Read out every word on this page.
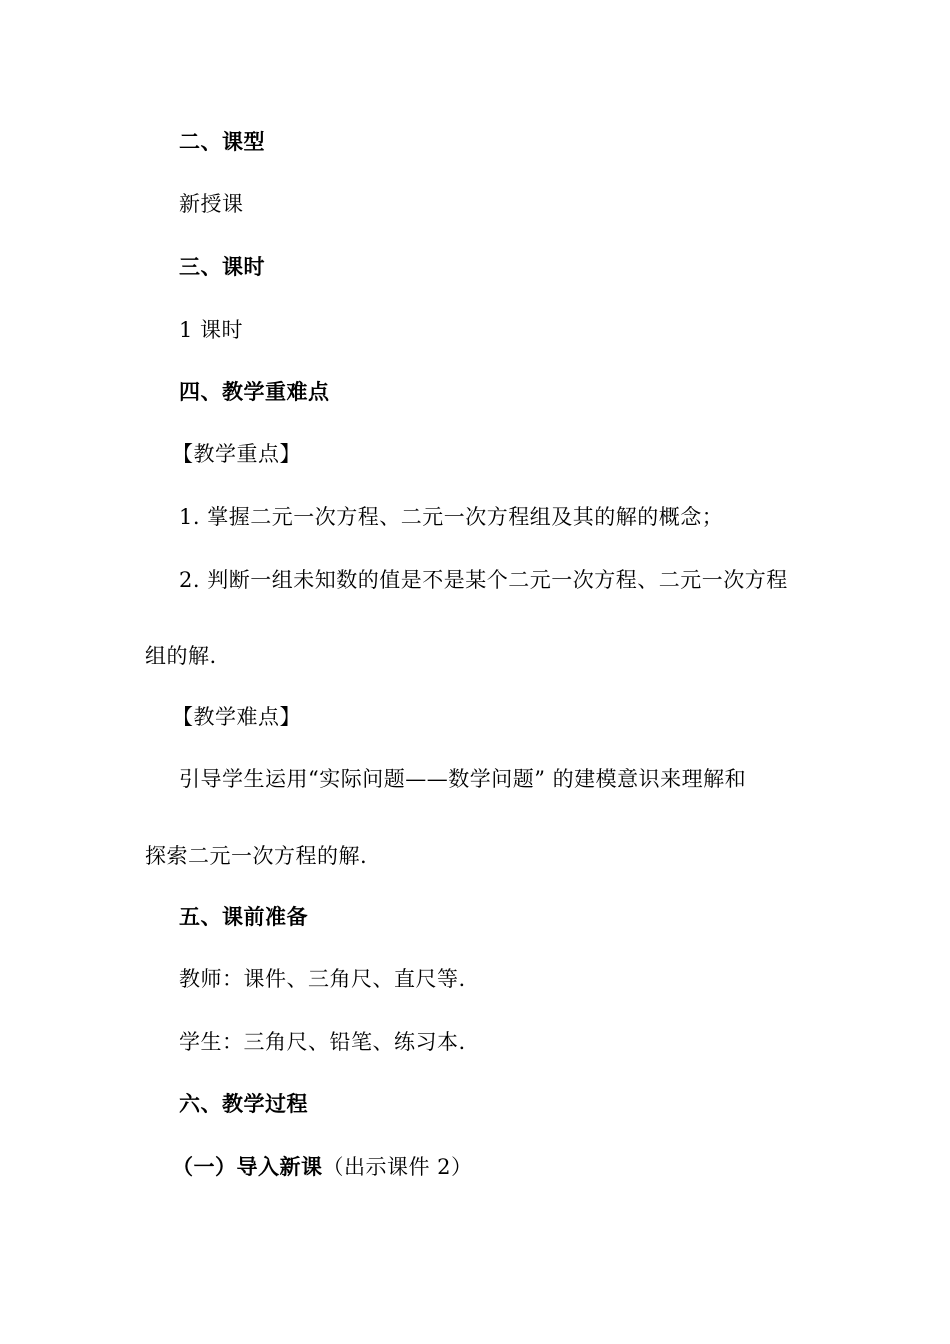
二、课型
新授课
三、课时
1 课时
四、教学重难点
【教学重点】
1. 掌握二元一次方程、二元一次方程组及其的解的概念；
2. 判断一组未知数的值是不是某个二元一次方程、二元一次方程
组的解.
【教学难点】
引导学生运用“实际问题——数学问题” 的建模意识来理解和
探索二元一次方程的解.
五、课前准备
教师：课件、三角尺、直尺等.
学生：三角尺、铅笔、练习本.
六、教学过程
（一）导入新课（出示课件 2）
